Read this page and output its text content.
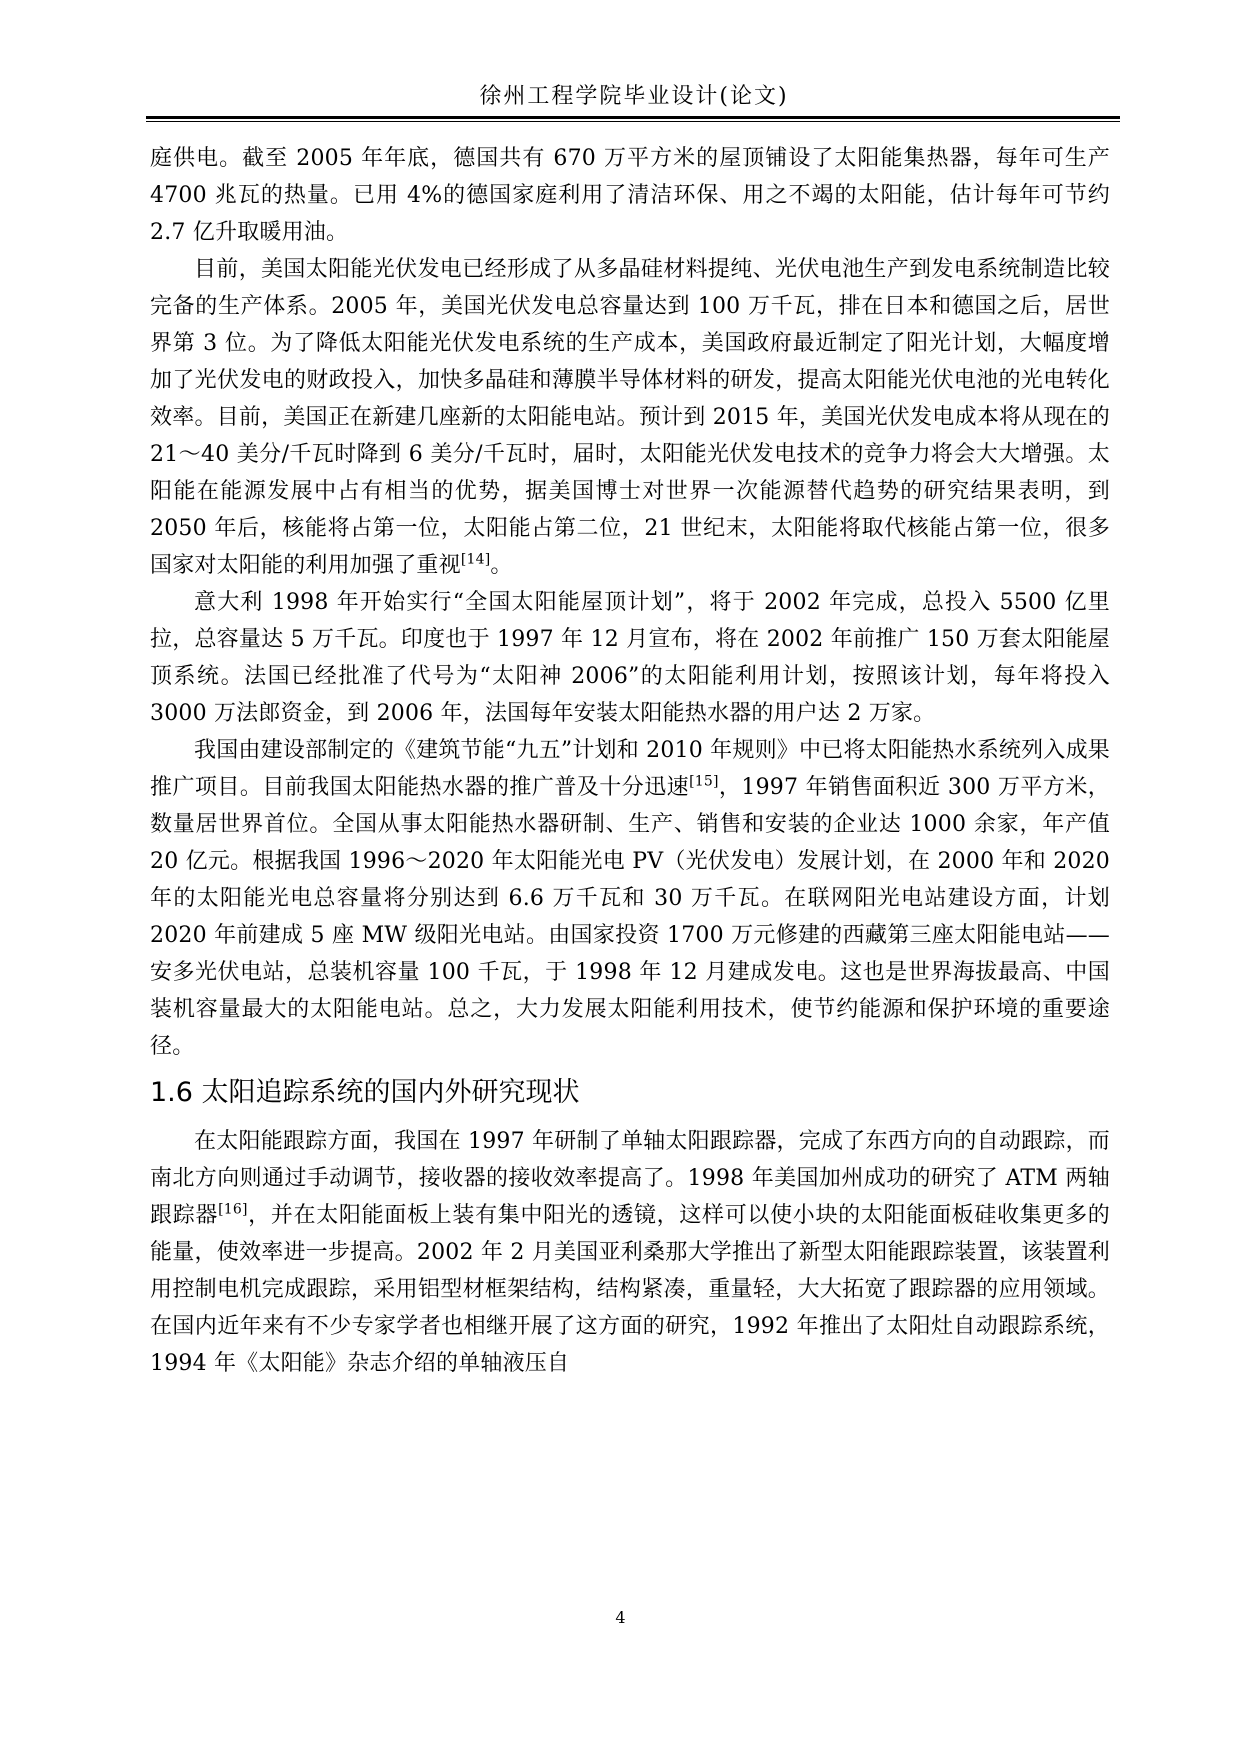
徐州工程学院毕业设计(论文)

庭供电。截至 2005 年年底，德国共有 670 万平方米的屋顶铺设了太阳能集热器，每年可生产 4700 兆瓦的热量。已用 4%的德国家庭利用了清洁环保、用之不竭的太阳能，估计每年可节约 2.7 亿升取暖用油。

目前，美国太阳能光伏发电已经形成了从多晶硅材料提纯、光伏电池生产到发电系统制造比较完备的生产体系。2005 年，美国光伏发电总容量达到 100 万千瓦，排在日本和德国之后，居世界第 3 位。为了降低太阳能光伏发电系统的生产成本，美国政府最近制定了阳光计划，大幅度增加了光伏发电的财政投入，加快多晶硅和薄膜半导体材料的研发，提高太阳能光伏电池的光电转化效率。目前，美国正在新建几座新的太阳能电站。预计到 2015 年，美国光伏发电成本将从现在的 21～40 美分/千瓦时降到 6 美分/千瓦时，届时，太阳能光伏发电技术的竞争力将会大大增强。太阳能在能源发展中占有相当的优势，据美国博士对世界一次能源替代趋势的研究结果表明，到 2050 年后，核能将占第一位，太阳能占第二位，21 世纪末，太阳能将取代核能占第一位，很多国家对太阳能的利用加强了重视[14]。

意大利 1998 年开始实行“全国太阳能屋顶计划”，将于 2002 年完成，总投入 5500 亿里拉，总容量达 5 万千瓦。印度也于 1997 年 12 月宣布，将在 2002 年前推广 150 万套太阳能屋顶系统。法国已经批准了代号为“太阳神 2006”的太阳能利用计划，按照该计划，每年将投入 3000 万法郎资金，到 2006 年，法国每年安装太阳能热水器的用户达 2 万家。

我国由建设部制定的《建筑节能“九五”计划和 2010 年规则》中已将太阳能热水系统列入成果推广项目。目前我国太阳能热水器的推广普及十分迅速[15]，1997 年销售面积近 300 万平方米，数量居世界首位。全国从事太阳能热水器研制、生产、销售和安装的企业达 1000 余家，年产值 20 亿元。根据我国 1996～2020 年太阳能光电 PV（光伏发电）发展计划，在 2000 年和 2020 年的太阳能光电总容量将分别达到 6.6 万千瓦和 30 万千瓦。在联网阳光电站建设方面，计划 2020 年前建成 5 座 MW 级阳光电站。由国家投资 1700 万元修建的西藏第三座太阳能电站——安多光伏电站，总装机容量 100 千瓦，于 1998 年 12 月建成发电。这也是世界海拔最高、中国装机容量最大的太阳能电站。总之，大力发展太阳能利用技术，使节约能源和保护环境的重要途径。

1.6 太阳追踪系统的国内外研究现状

在太阳能跟踪方面，我国在 1997 年研制了单轴太阳跟踪器，完成了东西方向的自动跟踪，而南北方向则通过手动调节，接收器的接收效率提高了。1998 年美国加州成功的研究了 ATM 两轴跟踪器[16]，并在太阳能面板上装有集中阳光的透镜，这样可以使小块的太阳能面板硅收集更多的能量，使效率进一步提高。2002 年 2 月美国亚利桑那大学推出了新型太阳能跟踪装置，该装置利用控制电机完成跟踪，采用铝型材框架结构，结构紧凑，重量轻，大大拓宽了跟踪器的应用领域。在国内近年来有不少专家学者也相继开展了这方面的研究，1992 年推出了太阳灶自动跟踪系统，1994 年《太阳能》杂志介绍的单轴液压自

4
